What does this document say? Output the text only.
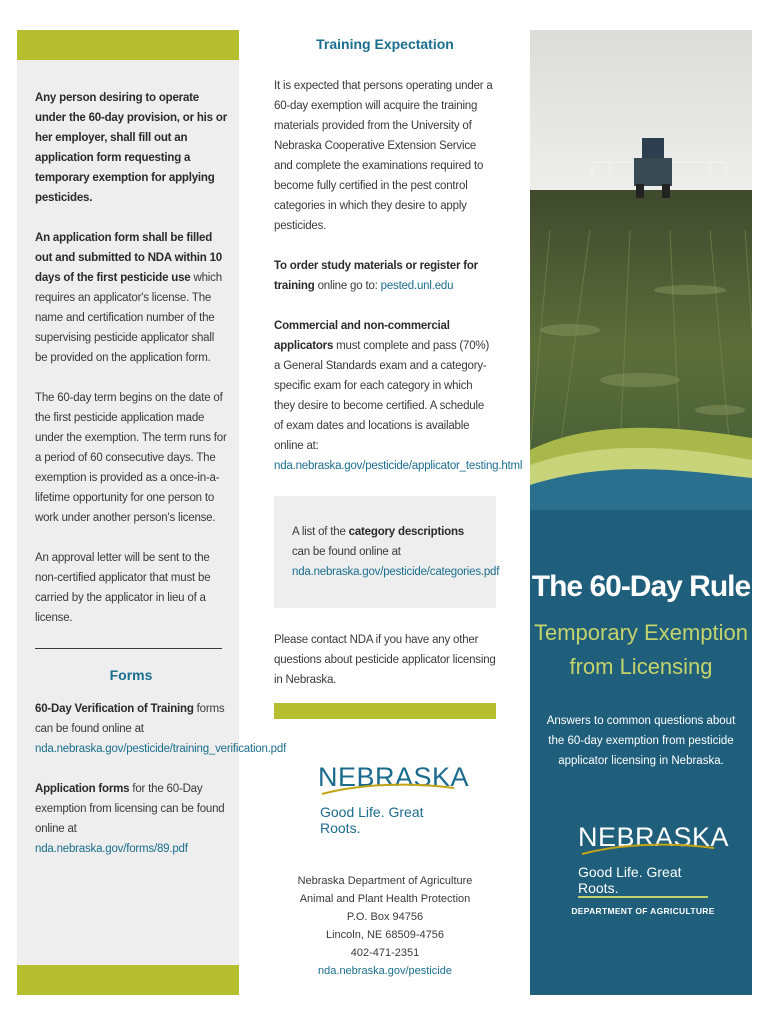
Any person desiring to operate under the 60-day provision, or his or her employer, shall fill out an application form requesting a temporary exemption for applying pesticides.

An application form shall be filled out and submitted to NDA within 10 days of the first pesticide use which requires an applicator's license. The name and certification number of the supervising pesticide applicator shall be provided on the application form.

The 60-day term begins on the date of the first pesticide application made under the exemption. The term runs for a period of 60 consecutive days. The exemption is provided as a once-in-a-lifetime opportunity for one person to work under another person's license.

An approval letter will be sent to the non-certified applicator that must be carried by the applicator in lieu of a license.

Forms

60-Day Verification of Training forms can be found online at nda.nebraska.gov/pesticide/training_verification.pdf

Application forms for the 60-Day exemption from licensing can be found online at nda.nebraska.gov/forms/89.pdf

Training Expectation

It is expected that persons operating under a 60-day exemption will acquire the training materials provided from the University of Nebraska Cooperative Extension Service and complete the examinations required to become fully certified in the pest control categories in which they desire to apply pesticides.

To order study materials or register for training online go to: pested.unl.edu

Commercial and non-commercial applicators must complete and pass (70%) a General Standards exam and a category-specific exam for each category in which they desire to become certified. A schedule of exam dates and locations is available online at: nda.nebraska.gov/pesticide/applicator_testing.html

A list of the category descriptions can be found online at nda.nebraska.gov/pesticide/categories.pdf

Please contact NDA if you have any other questions about pesticide applicator licensing in Nebraska.

NEBRASKA
Good Life. Great Roots.
Nebraska Department of Agriculture
Animal and Plant Health Protection
P.O. Box 94756
Lincoln, NE 68509-4756
402-471-2351
nda.nebraska.gov/pesticide
The 60-Day Rule
Temporary Exemption
from Licensing
Answers to common questions about the 60-day exemption from pesticide applicator licensing in Nebraska.
NEBRASKA
Good Life. Great Roots.
DEPARTMENT OF AGRICULTURE
